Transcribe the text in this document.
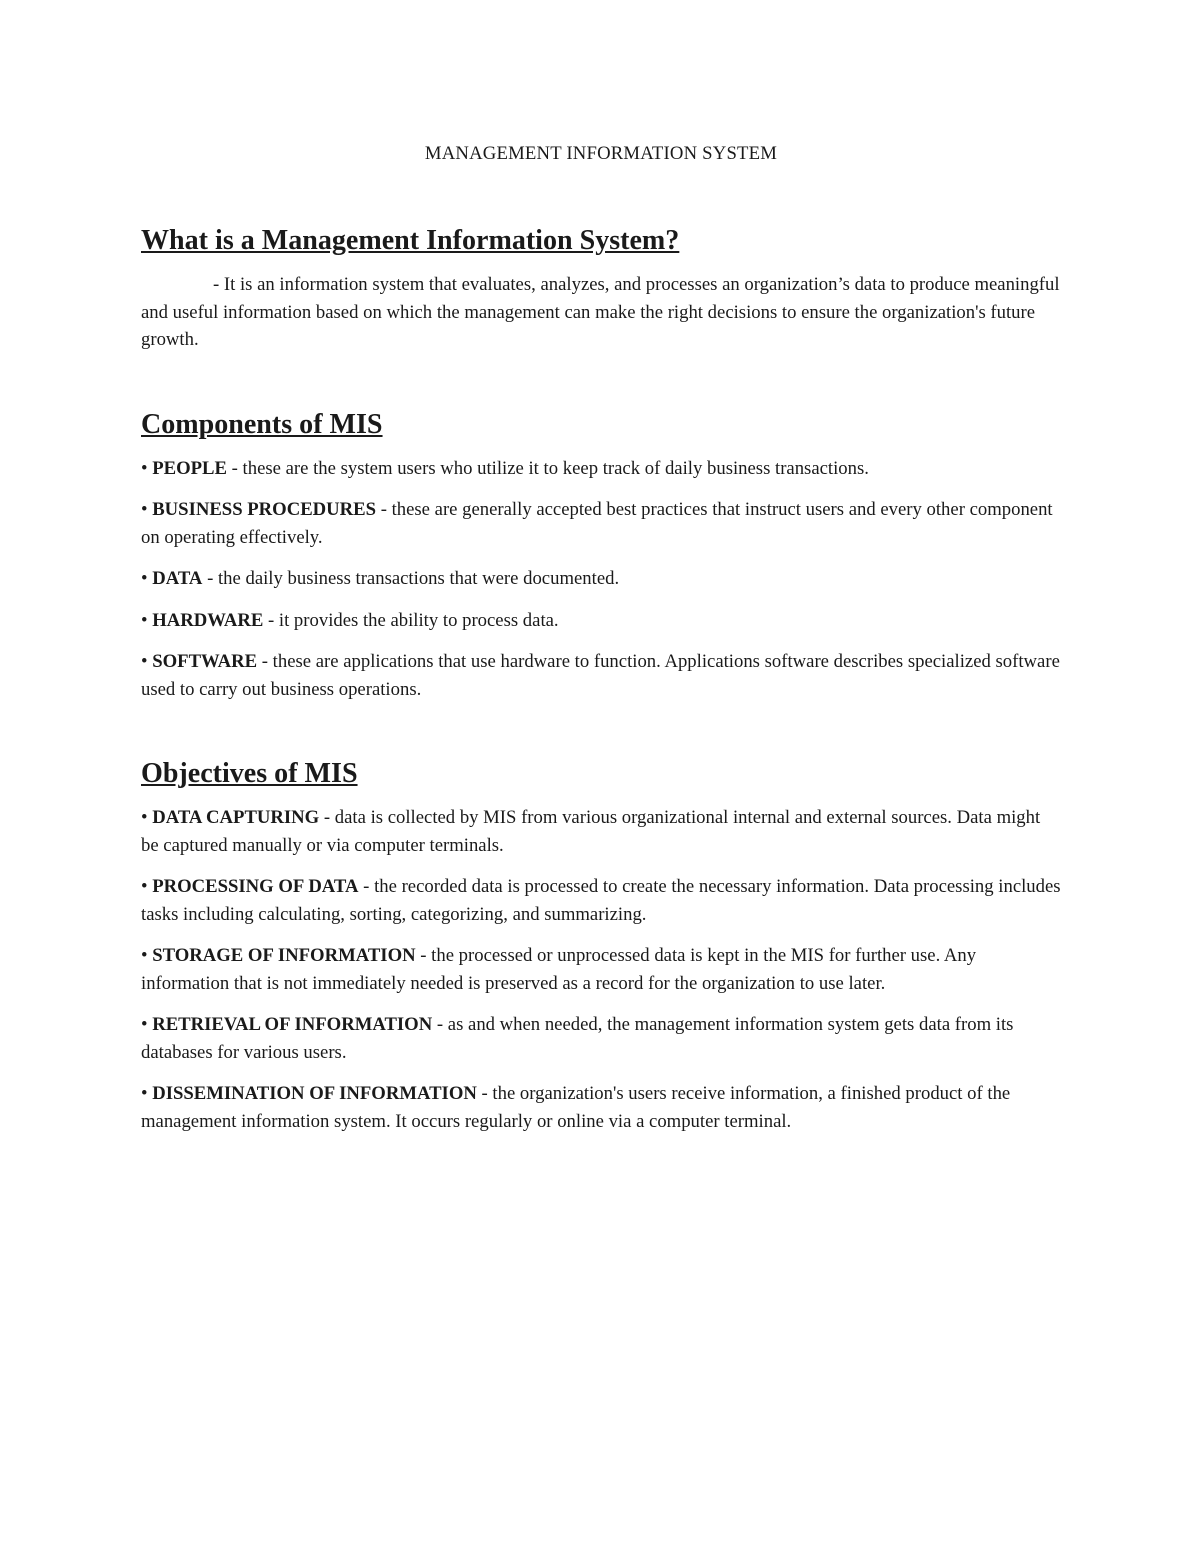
MANAGEMENT INFORMATION SYSTEM
What is a Management Information System?

- It is an information system that evaluates, analyzes, and processes an organization’s data to produce meaningful and useful information based on which the management can make the right decisions to ensure the organization's future growth.

Components of MIS

• PEOPLE - these are the system users who utilize it to keep track of daily business transactions.

• BUSINESS PROCEDURES - these are generally accepted best practices that instruct users and every other component on operating effectively.

• DATA - the daily business transactions that were documented.

• HARDWARE - it provides the ability to process data.

• SOFTWARE - these are applications that use hardware to function. Applications software describes specialized software used to carry out business operations.

Objectives of MIS

• DATA CAPTURING - data is collected by MIS from various organizational internal and external sources. Data might be captured manually or via computer terminals.

• PROCESSING OF DATA - the recorded data is processed to create the necessary information. Data processing includes tasks including calculating, sorting, categorizing, and summarizing.

• STORAGE OF INFORMATION - the processed or unprocessed data is kept in the MIS for further use. Any information that is not immediately needed is preserved as a record for the organization to use later.

• RETRIEVAL OF INFORMATION - as and when needed, the management information system gets data from its databases for various users.

• DISSEMINATION OF INFORMATION - the organization's users receive information, a finished product of the management information system. It occurs regularly or online via a computer terminal.
